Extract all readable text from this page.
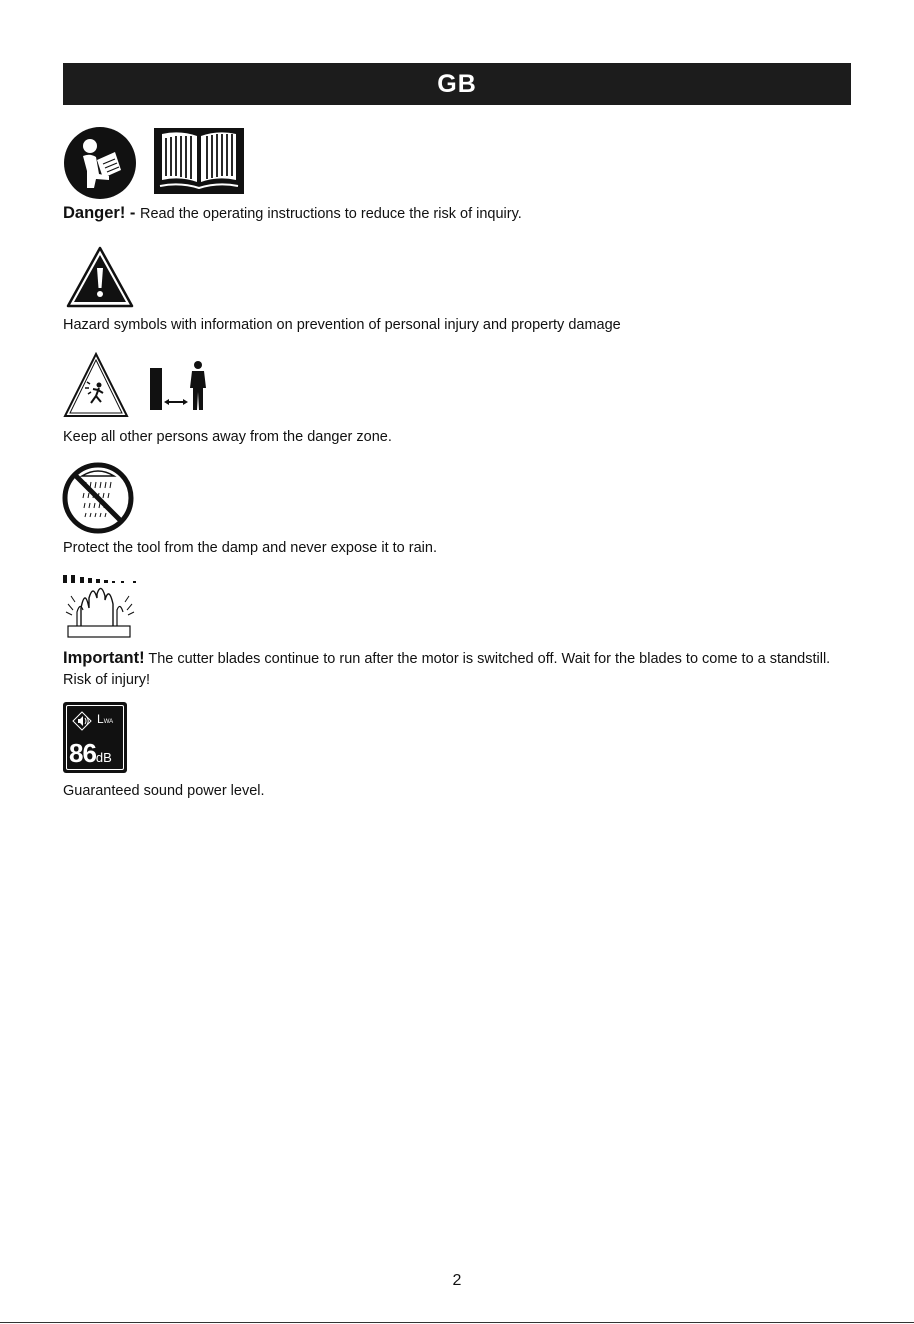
GB
Danger! - Read the operating instructions to reduce the risk of inquiry.
Hazard symbols with information on prevention of personal injury and property damage
Keep all other persons away from the danger zone.
Protect the tool from the damp and never expose it to rain.
Important! The cutter blades continue to run after the motor is switched off. Wait for the blades to come to a standstill. Risk of injury!
LWA
86dB
Guaranteed sound power level.
2
